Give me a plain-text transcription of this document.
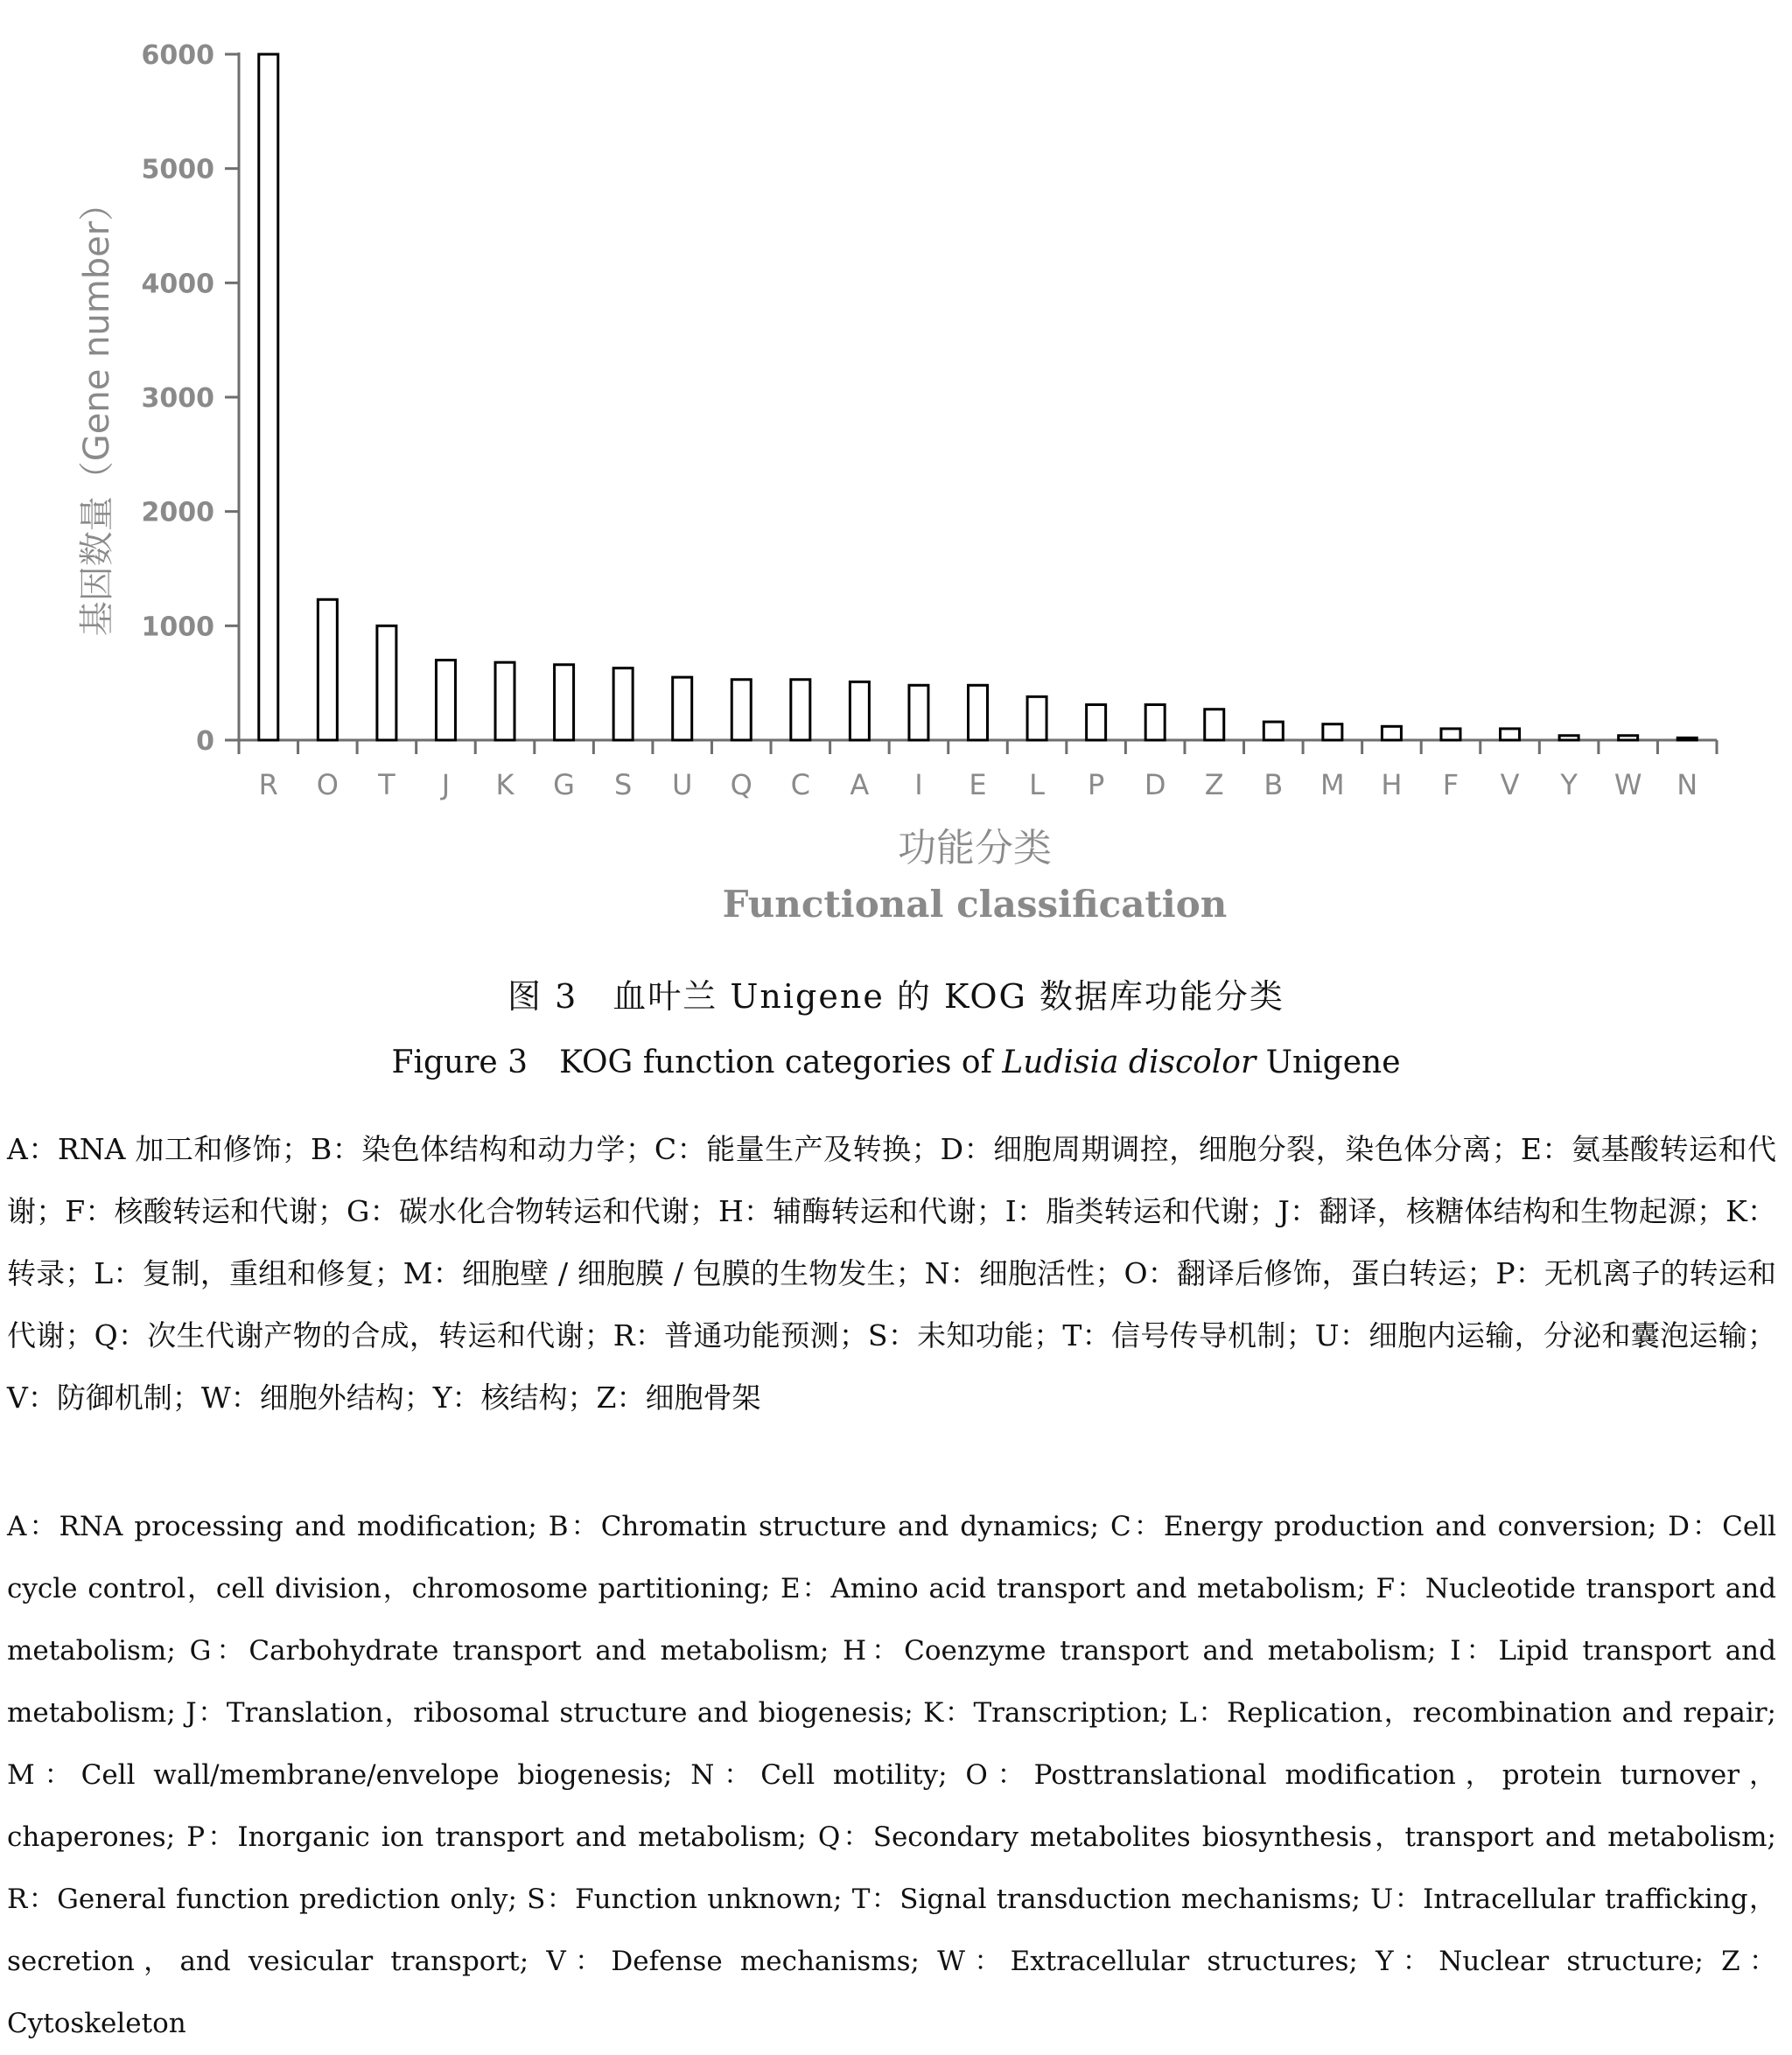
0
1000
2000
3000
4000
5000
6000
R O T J K G S U Q C A I E L P D Z B M H F V Y W N
基因数量（Gene number）
功能分类
Functional classification
图 3　血叶兰 Unigene 的 KOG 数据库功能分类
Figure 3　KOG function categories of Ludisia discolor Unigene
A：RNA 加工和修饰；B：染色体结构和动力学；C：能量生产及转换；D：细胞周期调控，细胞分裂，染色体分离；E：氨基酸转运和代谢；F：核酸转运和代谢；G：碳水化合物转运和代谢；H：辅酶转运和代谢；I：脂类转运和代谢；J：翻译，核糖体结构和生物起源；K：转录；L：复制，重组和修复；M：细胞壁 / 细胞膜 / 包膜的生物发生；N：细胞活性；O：翻译后修饰，蛋白转运；P：无机离子的转运和代谢；Q：次生代谢产物的合成，转运和代谢；R：普通功能预测；S：未知功能；T：信号传导机制；U：细胞内运输，分泌和囊泡运输；V：防御机制；W：细胞外结构；Y：核结构；Z：细胞骨架
A：RNA processing and modification; B：Chromatin structure and dynamics; C：Energy production and conversion; D：Cell cycle control，cell division，chromosome partitioning; E：Amino acid transport and metabolism; F：Nucleotide transport and metabolism; G：Carbohydrate transport and metabolism; H：Coenzyme transport and metabolism; I：Lipid transport and metabolism; J：Translation，ribosomal structure and biogenesis; K：Transcription; L：Replication，recombination and repair; M：Cell wall/membrane/envelope biogenesis; N：Cell motility; O：Posttranslational modification，protein turnover，chaperones; P：Inorganic ion transport and metabolism; Q：Secondary metabolites biosynthesis，transport and metabolism; R：General function prediction only; S：Function unknown; T：Signal transduction mechanisms; U：Intracellular trafficking，secretion，and vesicular transport; V：Defense mechanisms; W：Extracellular structures; Y：Nuclear structure; Z：Cytoskeleton
